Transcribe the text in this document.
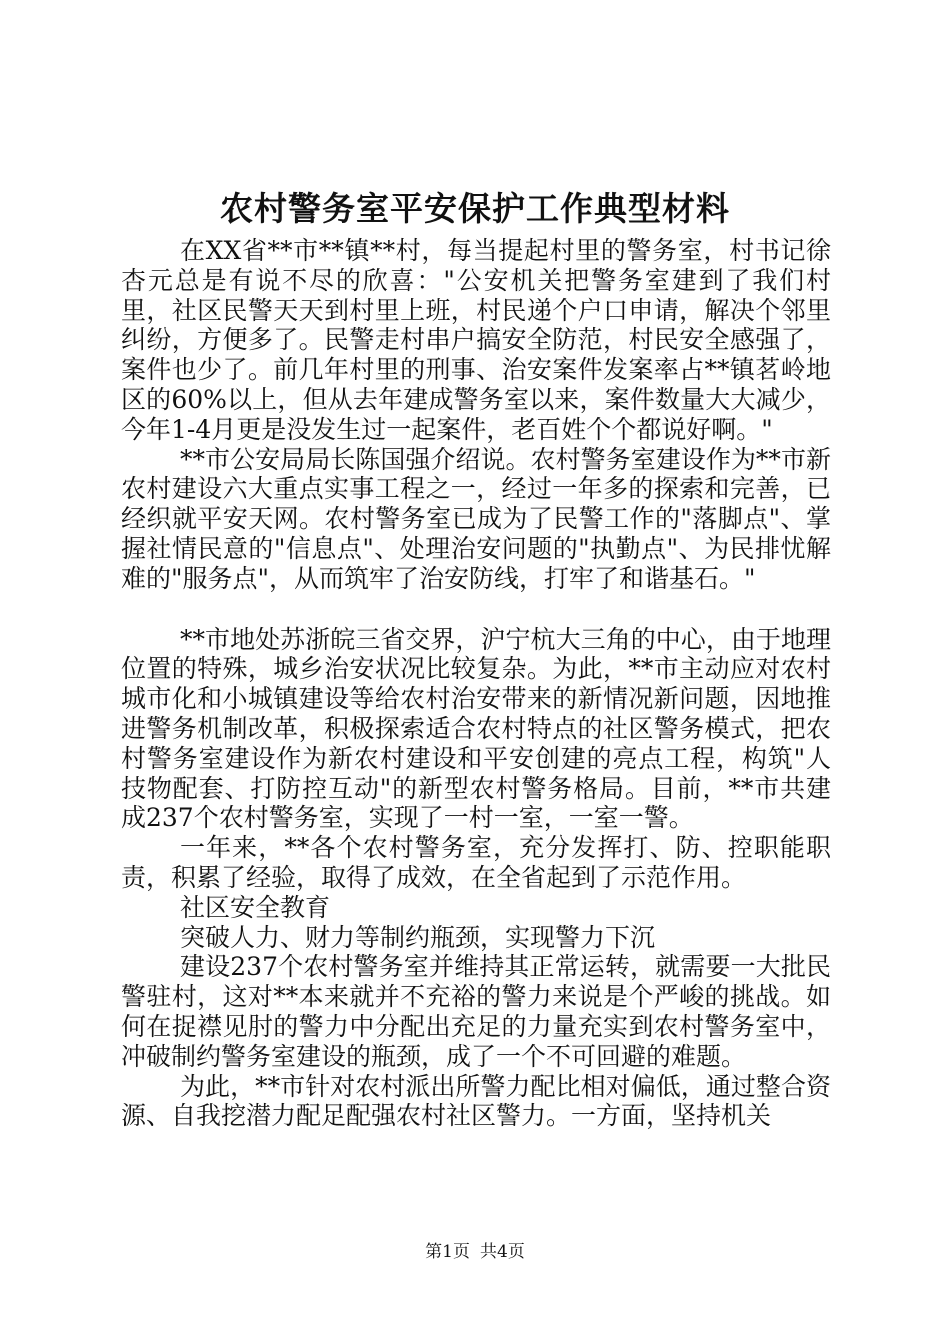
农村警务室平安保护工作典型材料

在XX省**市**镇**村，每当提起村里的警务室，村书记徐杏元总是有说不尽的欣喜："公安机关把警务室建到了我们村里，社区民警天天到村里上班，村民递个户口申请，解决个邻里纠纷，方便多了。民警走村串户搞安全防范，村民安全感强了，案件也少了。前几年村里的刑事、治安案件发案率占**镇茗岭地区的60%以上，但从去年建成警务室以来，案件数量大大减少，今年1-4月更是没发生过一起案件，老百姓个个都说好啊。"

**市公安局局长陈国强介绍说。农村警务室建设作为**市新农村建设六大重点实事工程之一，经过一年多的探索和完善，已经织就平安天网。农村警务室已成为了民警工作的"落脚点"、掌握社情民意的"信息点"、处理治安问题的"执勤点"、为民排忧解难的"服务点"，从而筑牢了治安防线，打牢了和谐基石。"

**市地处苏浙皖三省交界，沪宁杭大三角的中心，由于地理位置的特殊，城乡治安状况比较复杂。为此，**市主动应对农村城市化和小城镇建设等给农村治安带来的新情况新问题，因地推进警务机制改革，积极探索适合农村特点的社区警务模式，把农村警务室建设作为新农村建设和平安创建的亮点工程，构筑"人技物配套、打防控互动"的新型农村警务格局。目前，**市共建成237个农村警务室，实现了一村一室，一室一警。

一年来，**各个农村警务室，充分发挥打、防、控职能职责，积累了经验，取得了成效，在全省起到了示范作用。

社区安全教育

突破人力、财力等制约瓶颈，实现警力下沉

建设237个农村警务室并维持其正常运转，就需要一大批民警驻村，这对**本来就并不充裕的警力来说是个严峻的挑战。如何在捉襟见肘的警力中分配出充足的力量充实到农村警务室中，冲破制约警务室建设的瓶颈，成了一个不可回避的难题。

为此，**市针对农村派出所警力配比相对偏低，通过整合资源、自我挖潜力配足配强农村社区警力。一方面，坚持机关

第1页 共4页
